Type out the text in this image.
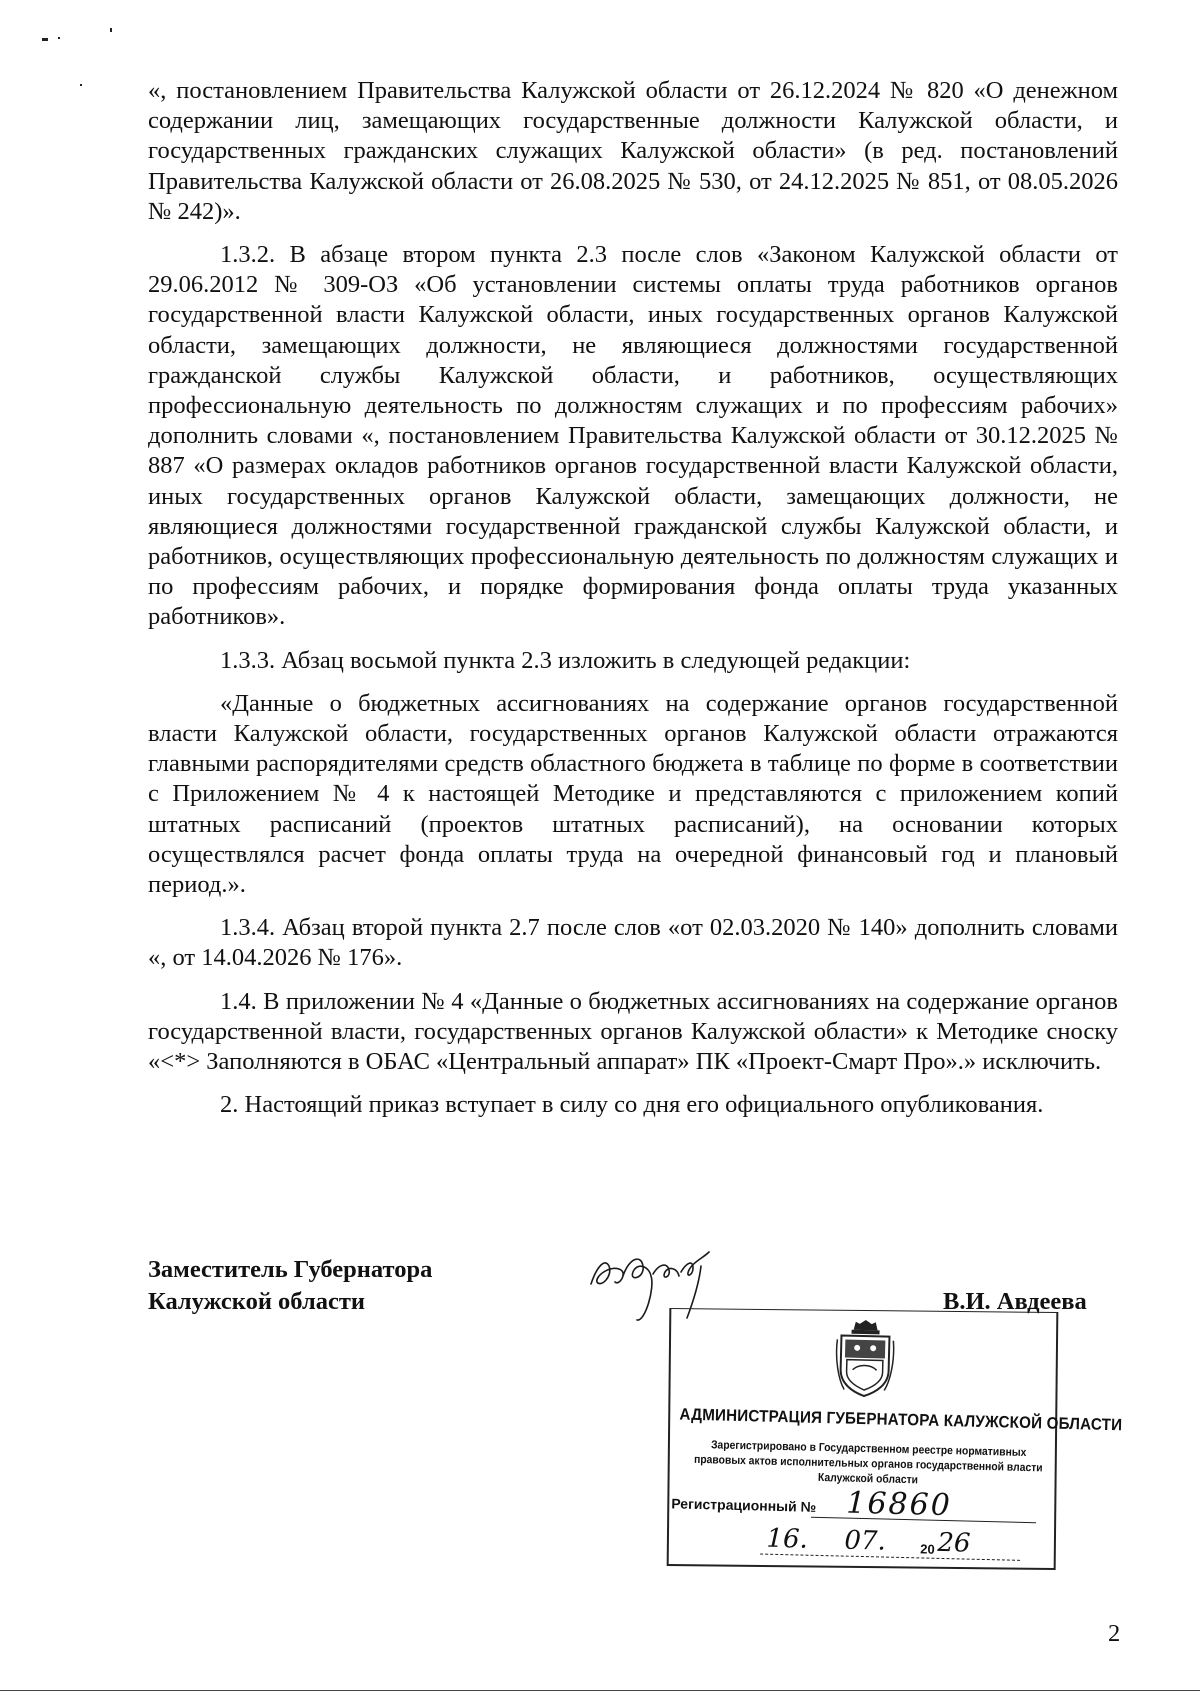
«, постановлением Правительства Калужской области от 26.12.2024 № 820 «О денежном содержании лиц, замещающих государственные должности Калужской области, и государственных гражданских служащих Калужской области» (в ред. постановлений Правительства Калужской области от 26.08.2025 № 530, от 24.12.2025 № 851, от 08.05.2026 № 242)».

1.3.2. В абзаце втором пункта 2.3 после слов «Законом Калужской области от 29.06.2012 № 309-ОЗ «Об установлении системы оплаты труда работников органов государственной власти Калужской области, иных государственных органов Калужской области, замещающих должности, не являющиеся должностями государственной гражданской службы Калужской области, и работников, осуществляющих профессиональную деятельность по должностям служащих и по профессиям рабочих» дополнить словами «, постановлением Правительства Калужской области от 30.12.2025 № 887 «О размерах окладов работников органов государственной власти Калужской области, иных государственных органов Калужской области, замещающих должности, не являющиеся должностями государственной гражданской службы Калужской области, и работников, осуществляющих профессиональную деятельность по должностям служащих и по профессиям рабочих, и порядке формирования фонда оплаты труда указанных работников».

1.3.3. Абзац восьмой пункта 2.3 изложить в следующей редакции:

«Данные о бюджетных ассигнованиях на содержание органов государственной власти Калужской области, государственных органов Калужской области отражаются главными распорядителями средств областного бюджета в таблице по форме в соответствии с Приложением № 4 к настоящей Методике и представляются с приложением копий штатных расписаний (проектов штатных расписаний), на основании которых осуществлялся расчет фонда оплаты труда на очередной финансовый год и плановый период.».

1.3.4. Абзац второй пункта 2.7 после слов «от 02.03.2020 № 140» дополнить словами «, от 14.04.2026 № 176».

1.4. В приложении № 4 «Данные о бюджетных ассигнованиях на содержание органов государственной власти, государственных органов Калужской области» к Методике сноску «<*> Заполняются в ОБАС «Центральный аппарат» ПК «Проект-Смарт Про».» исключить.

2. Настоящий приказ вступает в силу со дня его официального опубликования.

Заместитель Губернатора
Калужской области	В.И. Авдеева
АДМИНИСТРАЦИЯ ГУБЕРНАТОРА КАЛУЖСКОЙ ОБЛАСТИ
Зарегистрировано в Государственном реестре нормативных
правовых актов исполнительных органов государственной власти
Калужской области
Регистрационный № 16860
16. 07.	20 26
2
